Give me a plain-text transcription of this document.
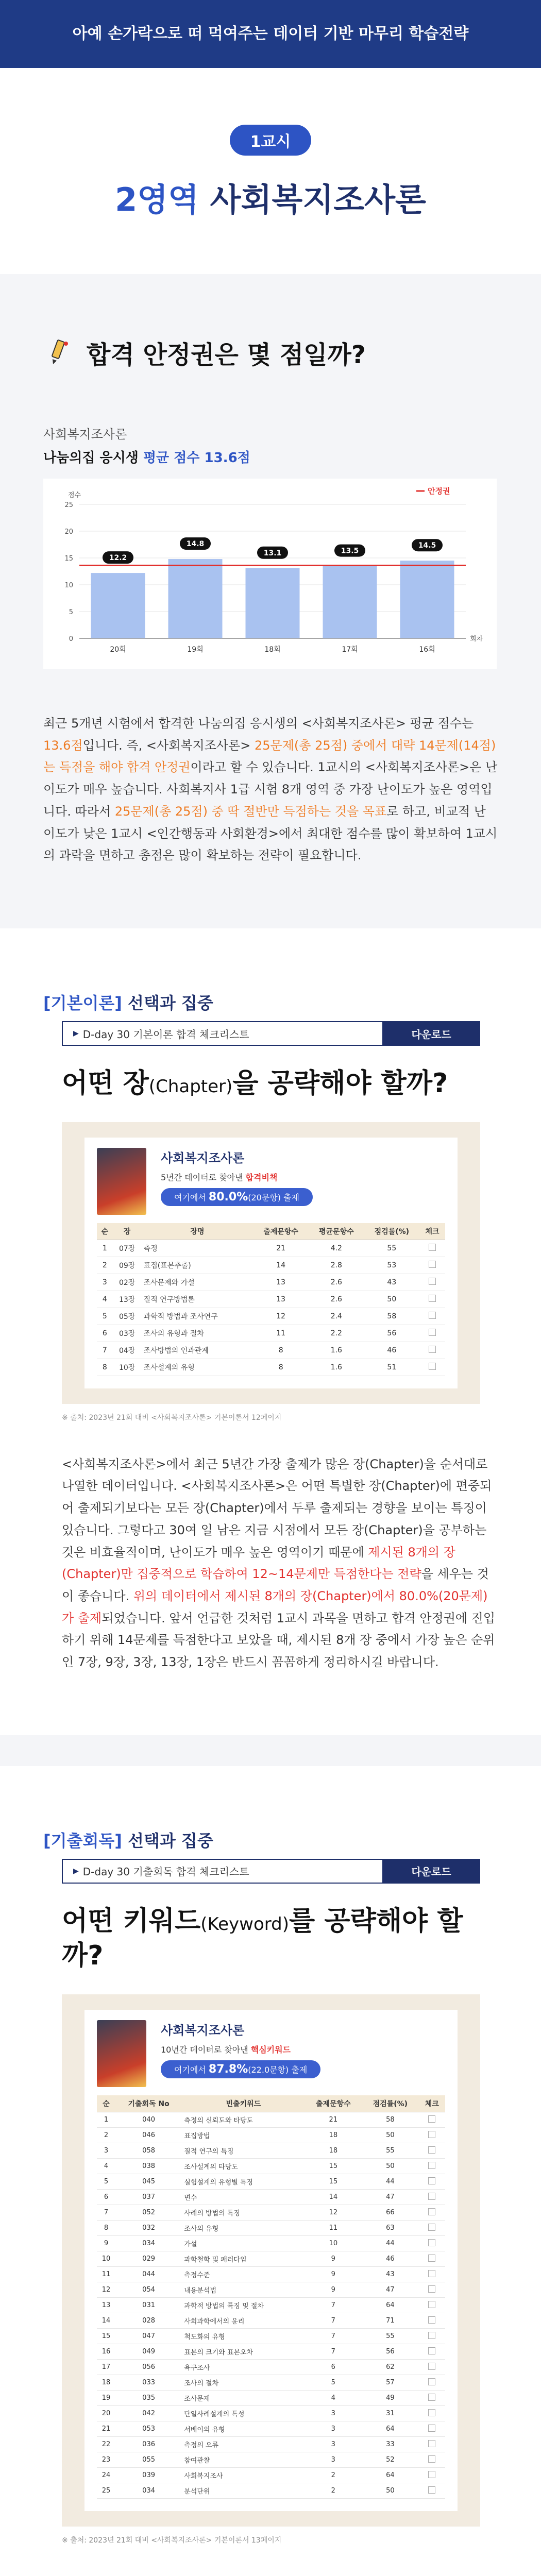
아예 손가락으로 떠 먹여주는 데이터 기반 마무리 학습전략
1교시
2영역 사회복지조사론
합격 안정권은 몇 점일까?
사회복지조사론
나눔의집 응시생 평균 점수 13.6점
점수	안정권
0
5
10
15
20
25
12.2
20회
14.8
19회
13.1
18회
13.5
17회
14.5
16회
회차
최근 5개년 시험에서 합격한 나눔의집 응시생의 <사회복지조사론> 평균 점수는 13.6점입니다. 즉, <사회복지조사론> 25문제(총 25점) 중에서 대략 14문제(14점)는 득점을 해야 합격 안정권이라고 할 수 있습니다. 1교시의 <사회복지조사론>은 난이도가 매우 높습니다. 사회복지사 1급 시험 8개 영역 중 가장 난이도가 높은 영역입니다. 따라서 25문제(총 25점) 중 딱 절반만 득점하는 것을 목표로 하고, 비교적 난이도가 낮은 1교시 <인간행동과 사회환경>에서 최대한 점수를 많이 확보하여 1교시의 과락을 면하고 총점은 많이 확보하는 전략이 필요합니다.
[기본이론] 선택과 집중
▶ D-day 30 기본이론 합격 체크리스트	다운로드
어떤 장(Chapter)을 공략해야 할까?
사회복지조사론
5년간 데이터로 찾아낸 합격비책
여기에서 80.0%(20문항) 출제
순	장	장명	출제문항수	평균문항수	점검률(%)	체크
1	07장	측정	21	4.2	55	
2	09장	표집(표본추출)	14	2.8	53	
3	02장	조사문제와 가설	13	2.6	43	
4	13장	질적 연구방법론	13	2.6	50	
5	05장	과학적 방법과 조사연구	12	2.4	58	
6	03장	조사의 유형과 절차	11	2.2	56	
7	04장	조사방법의 인과관계	8	1.6	46	
8	10장	조사설계의 유형	8	1.6	51	
※ 출처: 2023년 21회 대비 <사회복지조사론> 기본이론서 12페이지
<사회복지조사론>에서 최근 5년간 가장 출제가 많은 장(Chapter)을 순서대로 나열한 데이터입니다. <사회복지조사론>은 어떤 특별한 장(Chapter)에 편중되어 출제되기보다는 모든 장(Chapter)에서 두루 출제되는 경향을 보이는 특징이 있습니다. 그렇다고 30여 일 남은 지금 시점에서 모든 장(Chapter)을 공부하는 것은 비효율적이며, 난이도가 매우 높은 영역이기 때문에 제시된 8개의 장(Chapter)만 집중적으로 학습하여 12~14문제만 득점한다는 전략을 세우는 것이 좋습니다. 위의 데이터에서 제시된 8개의 장(Chapter)에서 80.0%(20문제)가 출제되었습니다. 앞서 언급한 것처럼 1교시 과목을 면하고 합격 안정권에 진입하기 위해 14문제를 득점한다고 보았을 때, 제시된 8개 장 중에서 가장 높은 순위인 7장, 9장, 3장, 13장, 1장은 반드시 꼼꼼하게 정리하시길 바랍니다.
[기출회독] 선택과 집중
▶ D-day 30 기출회독 합격 체크리스트	다운로드
어떤 키워드(Keyword)를 공략해야 할까?
사회복지조사론
10년간 데이터로 찾아낸 핵심키워드
여기에서 87.8%(22.0문항) 출제
순	기출회독 No	빈출키워드	출제문항수	점검률(%)	체크
1	040	측정의 신뢰도와 타당도	21	58	
2	046	표집방법	18	50	
3	058	질적 연구의 특징	18	55	
4	038	조사설계의 타당도	15	50	
5	045	실험설계의 유형별 특징	15	44	
6	037	변수	14	47	
7	052	사례의 방법의 특징	12	66	
8	032	조사의 유형	11	63	
9	034	가설	10	44	
10	029	과학철학 및 패러다임	9	46	
11	044	측정수준	9	43	
12	054	내용분석법	9	47	
13	031	과학적 방법의 특징 및 절차	7	64	
14	028	사회과학에서의 윤리	7	71	
15	047	척도화의 유형	7	55	
16	049	표본의 크기와 표본오차	7	56	
17	056	욕구조사	6	62	
18	033	조사의 절차	5	57	
19	035	조사문제	4	49	
20	042	단일사례설계의 특성	3	31	
21	053	서베이의 유형	3	64	
22	036	측정의 오류	3	33	
23	055	참여관찰	3	52	
24	039	사회복지조사	2	64	
25	034	분석단위	2	50	
※ 출처: 2023년 21회 대비 <사회복지조사론> 기본이론서 13페이지
